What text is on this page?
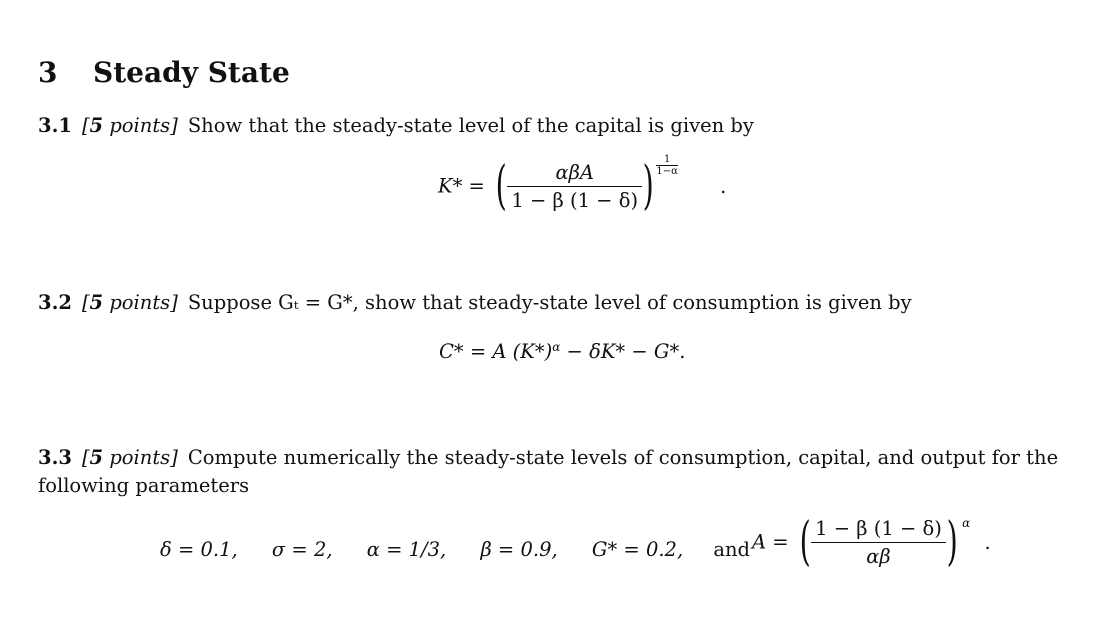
3 Steady State
3.1 [5 points] Show that the steady-state level of the capital is given by
K* = ( $\frac{\text{αβA}}{1 - \beta (1 - \delta)}$ ) $\frac{1}{1-\alpha}$
.
3.2 [5 points] Suppose Gₜ = G*, show that steady-state level of consumption is given by
C* = A $(K*)^\alpha - \delta K* - G*$.
3.3 [5 points] Compute numerically the steady-state levels of consumption, capital, and output for the
following parameters
δ = 0.1, σ = 2, α = 1/3, β = 0.9, G* = 0.2, and A = ( $\frac{1 - \beta (1 - \delta)}{\alpha\beta}$ ) $^\alpha$ .
